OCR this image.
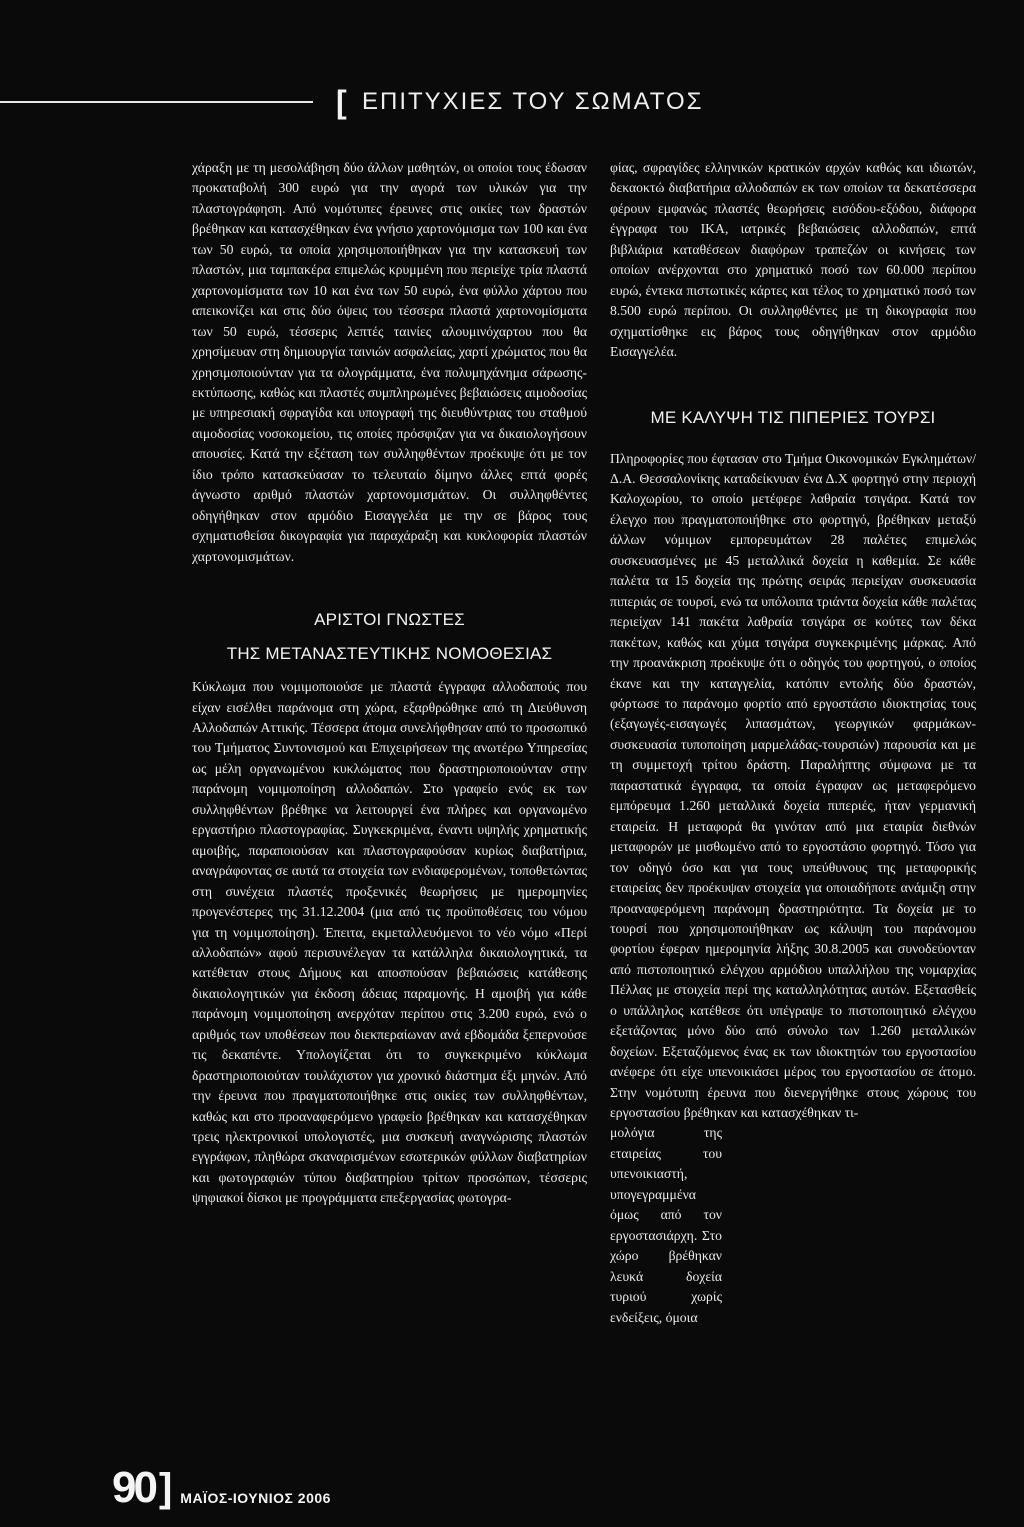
[ ΕΠΙΤΥΧΙΕΣ ΤΟΥ ΣΩΜΑΤΟΣ

χάραξη με τη μεσολάβηση δύο άλλων μαθητών, οι οποίοι τους έδωσαν προκαταβολή 300 ευρώ για την αγορά των υλικών για την πλαστογράφηση. Από νομότυπες έρευνες στις οικίες των δραστών βρέθηκαν και κατασχέθηκαν ένα γνήσιο χαρτονόμισμα των 100 και ένα των 50 ευρώ, τα οποία χρησιμοποιήθηκαν για την κατασκευή των πλαστών, μια ταμπακέρα επιμελώς κρυμμένη που περιείχε τρία πλαστά χαρτονομίσματα των 10 και ένα των 50 ευρώ, ένα φύλλο χάρτου που απεικονίζει και στις δύο όψεις του τέσσερα πλαστά χαρτονομίσματα των 50 ευρώ, τέσσερις λεπτές ταινίες αλουμινόχαρτου που θα χρησίμευαν στη δημιουργία ταινιών ασφαλείας, χαρτί χρώματος που θα χρησιμοποιούνταν για τα ολογράμματα, ένα πολυμηχάνημα σάρωσης-εκτύπωσης, καθώς και πλαστές συμπληρωμένες βεβαιώσεις αιμοδοσίας με υπηρεσιακή σφραγίδα και υπογραφή της διευθύντριας του σταθμού αιμοδοσίας νοσοκομείου, τις οποίες πρόσφιζαν για να δικαιολογήσουν απουσίες. Κατά την εξέταση των συλληφθέντων προέκυψε ότι με τον ίδιο τρόπο κατασκεύασαν το τελευταίο δίμηνο άλλες επτά φορές άγνωστο αριθμό πλαστών χαρτονομισμάτων. Οι συλληφθέντες οδηγήθηκαν στον αρμόδιο Εισαγγελέα με την σε βάρος τους σχηματισθείσα δικογραφία για παραχάραξη και κυκλοφορία πλαστών χαρτονομισμάτων.

ΑΡΙΣΤΟΙ ΓΝΩΣΤΕΣ
ΤΗΣ ΜΕΤΑΝΑΣΤΕΥΤΙΚΗΣ ΝΟΜΟΘΕΣΙΑΣ

Κύκλωμα που νομιμοποιούσε με πλαστά έγγραφα αλλοδαπούς που είχαν εισέλθει παράνομα στη χώρα, εξαρθρώθηκε από τη Διεύθυνση Αλλοδαπών Αττικής. Τέσσερα άτομα συνελήφθησαν από το προσωπικό του Τμήματος Συντονισμού και Επιχειρήσεων της ανωτέρω Υπηρεσίας ως μέλη οργανωμένου κυκλώματος που δραστηριοποιούνταν στην παράνομη νομιμοποίηση αλλοδαπών. Στο γραφείο ενός εκ των συλληφθέντων βρέθηκε να λειτουργεί ένα πλήρες και οργανωμένο εργαστήριο πλαστογραφίας. Συγκεκριμένα, έναντι υψηλής χρηματικής αμοιβής, παραποιούσαν και πλαστογραφούσαν κυρίως διαβατήρια, αναγράφοντας σε αυτά τα στοιχεία των ενδιαφερομένων, τοποθετώντας στη συνέχεια πλαστές προξενικές θεωρήσεις με ημερομηνίες προγενέστερες της 31.12.2004 (μια από τις προϋποθέσεις του νόμου για τη νομιμοποίηση). Έπειτα, εκμεταλλευόμενοι το νέο νόμο «Περί αλλοδαπών» αφού περισυνέλεγαν τα κατάλληλα δικαιολογητικά, τα κατέθεταν στους Δήμους και αποσπούσαν βεβαιώσεις κατάθεσης δικαιολογητικών για έκδοση άδειας παραμονής. Η αμοιβή για κάθε παράνομη νομιμοποίηση ανερχόταν περίπου στις 3.200 ευρώ, ενώ ο αριθμός των υποθέσεων που διεκπεραίωναν ανά εβδομάδα ξεπερνούσε τις δεκαπέντε. Υπολογίζεται ότι το συγκεκριμένο κύκλωμα δραστηριοποιούταν τουλάχιστον για χρονικό διάστημα έξι μηνών. Από την έρευνα που πραγματοποιήθηκε στις οικίες των συλληφθέντων, καθώς και στο προαναφερόμενο γραφείο βρέθηκαν και κατασχέθηκαν τρεις ηλεκτρονικοί υπολογιστές, μια συσκευή αναγνώρισης πλαστών εγγράφων, πληθώρα σκαναρισμένων εσωτερικών φύλλων διαβατηρίων και φωτογραφιών τύπου διαβατηρίου τρίτων προσώπων, τέσσερις ψηφιακοί δίσκοι με προγράμματα επεξεργασίας φωτογρα-

φίας, σφραγίδες ελληνικών κρατικών αρχών καθώς και ιδιωτών, δεκαοκτώ διαβατήρια αλλοδαπών εκ των οποίων τα δεκατέσσερα φέρουν εμφανώς πλαστές θεωρήσεις εισόδου-εξόδου, διάφορα έγγραφα του ΙΚΑ, ιατρικές βεβαιώσεις αλλοδαπών, επτά βιβλιάρια καταθέσεων διαφόρων τραπεζών οι κινήσεις των οποίων ανέρχονται στο χρηματικό ποσό των 60.000 περίπου ευρώ, έντεκα πιστωτικές κάρτες και τέλος το χρηματικό ποσό των 8.500 ευρώ περίπου. Οι συλληφθέντες με τη δικογραφία που σχηματίσθηκε εις βάρος τους οδηγήθηκαν στον αρμόδιο Εισαγγελέα.

ΜΕ ΚΑΛΥΨΗ ΤΙΣ ΠΙΠΕΡΙΕΣ ΤΟΥΡΣΙ

Πληροφορίες που έφτασαν στο Τμήμα Οικονομικών Εγκλημάτων/Δ.Α. Θεσσαλονίκης καταδείκνυαν ένα Δ.Χ φορτηγό στην περιοχή Καλοχωρίου, το οποίο μετέφερε λαθραία τσιγάρα. Κατά τον έλεγχο που πραγματοποιήθηκε στο φορτηγό, βρέθηκαν μεταξύ άλλων νόμιμων εμπορευμάτων 28 παλέτες επιμελώς συσκευασμένες με 45 μεταλλικά δοχεία η καθεμία. Σε κάθε παλέτα τα 15 δοχεία της πρώτης σειράς περιείχαν συσκευασία πιπεριάς σε τουρσί, ενώ τα υπόλοιπα τριάντα δοχεία κάθε παλέτας περιείχαν 141 πακέτα λαθραία τσιγάρα σε κούτες των δέκα πακέτων, καθώς και χύμα τσιγάρα συγκεκριμένης μάρκας. Από την προανάκριση προέκυψε ότι ο οδηγός του φορτηγού, ο οποίος έκανε και την καταγγελία, κατόπιν εντολής δύο δραστών, φόρτωσε το παράνομο φορτίο από εργοστάσιο ιδιοκτησίας τους (εξαγωγές-εισαγωγές λιπασμάτων, γεωργικών φαρμάκων-συσκευασία τυποποίηση μαρμελάδας-τουρσιών) παρουσία και με τη συμμετοχή τρίτου δράστη. Παραλήπτης σύμφωνα με τα παραστατικά έγγραφα, τα οποία έγραφαν ως μεταφερόμενο εμπόρευμα 1.260 μεταλλικά δοχεία πιπεριές, ήταν γερμανική εταιρεία. Η μεταφορά θα γινόταν από μια εταιρία διεθνών μεταφορών με μισθωμένο από το εργοστάσιο φορτηγό. Τόσο για τον οδηγό όσο και για τους υπεύθυνους της μεταφορικής εταιρείας δεν προέκυψαν στοιχεία για οποιαδήποτε ανάμιξη στην προαναφερόμενη παράνομη δραστηριότητα. Τα δοχεία με το τουρσί που χρησιμοποιήθηκαν ως κάλυψη του παράνομου φορτίου έφεραν ημερομηνία λήξης 30.8.2005 και συνοδεύονταν από πιστοποιητικό ελέγχου αρμόδιου υπαλλήλου της νομαρχίας Πέλλας με στοιχεία περί της καταλληλότητας αυτών. Εξετασθείς ο υπάλληλος κατέθεσε ότι υπέγραψε το πιστοποιητικό ελέγχου εξετάζοντας μόνο δύο από σύνολο των 1.260 μεταλλικών δοχείων. Εξεταζόμενος ένας εκ των ιδιοκτητών του εργοστασίου ανέφερε ότι είχε υπενοικιάσει μέρος του εργοστασίου σε άτομο. Στην νομότυπη έρευνα που διενεργήθηκε στους χώρους του εργοστασίου βρέθηκαν και κατασχέθηκαν τι-

μολόγια της εταιρείας του υπενοικιαστή, υπογεγραμμένα όμως από τον εργοστασιάρχη. Στο χώρο βρέθηκαν λευκά δοχεία τυριού χωρίς ενδείξεις, όμοια

90 ] ΜΑΪΟΣ-ΙΟΥΝΙΟΣ 2006
